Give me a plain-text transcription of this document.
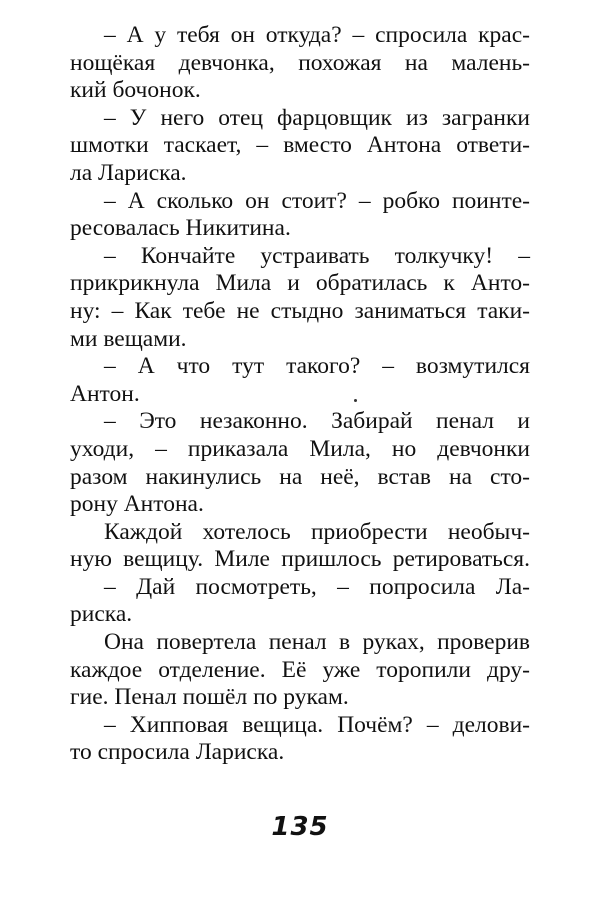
– А у тебя он откуда? – спросила крас-
нощёкая девчонка, похожая на малень-
кий бочонок.
– У него отец фарцовщик из загранки
шмотки таскает, – вместо Антона ответи-
ла Лариска.
– А сколько он стоит? – робко поинте-
ресовалась Никитина.
– Кончайте устраивать толкучку! –
прикрикнула Мила и обратилась к Анто-
ну: – Как тебе не стыдно заниматься таки-
ми вещами.
– А что тут такого? – возмутился
Антон.
– Это незаконно. Забирай пенал и
уходи, – приказала Мила, но девчонки
разом накинулись на неё, встав на сто-
рону Антона.
Каждой хотелось приобрести необыч-
ную вещицу. Миле пришлось ретироваться.
– Дай посмотреть, – попросила Ла-
риска.
Она повертела пенал в руках, проверив
каждое отделение. Её уже торопили дру-
гие. Пенал пошёл по рукам.
– Хипповая вещица. Почём? – делови-
то спросила Лариска.
135
